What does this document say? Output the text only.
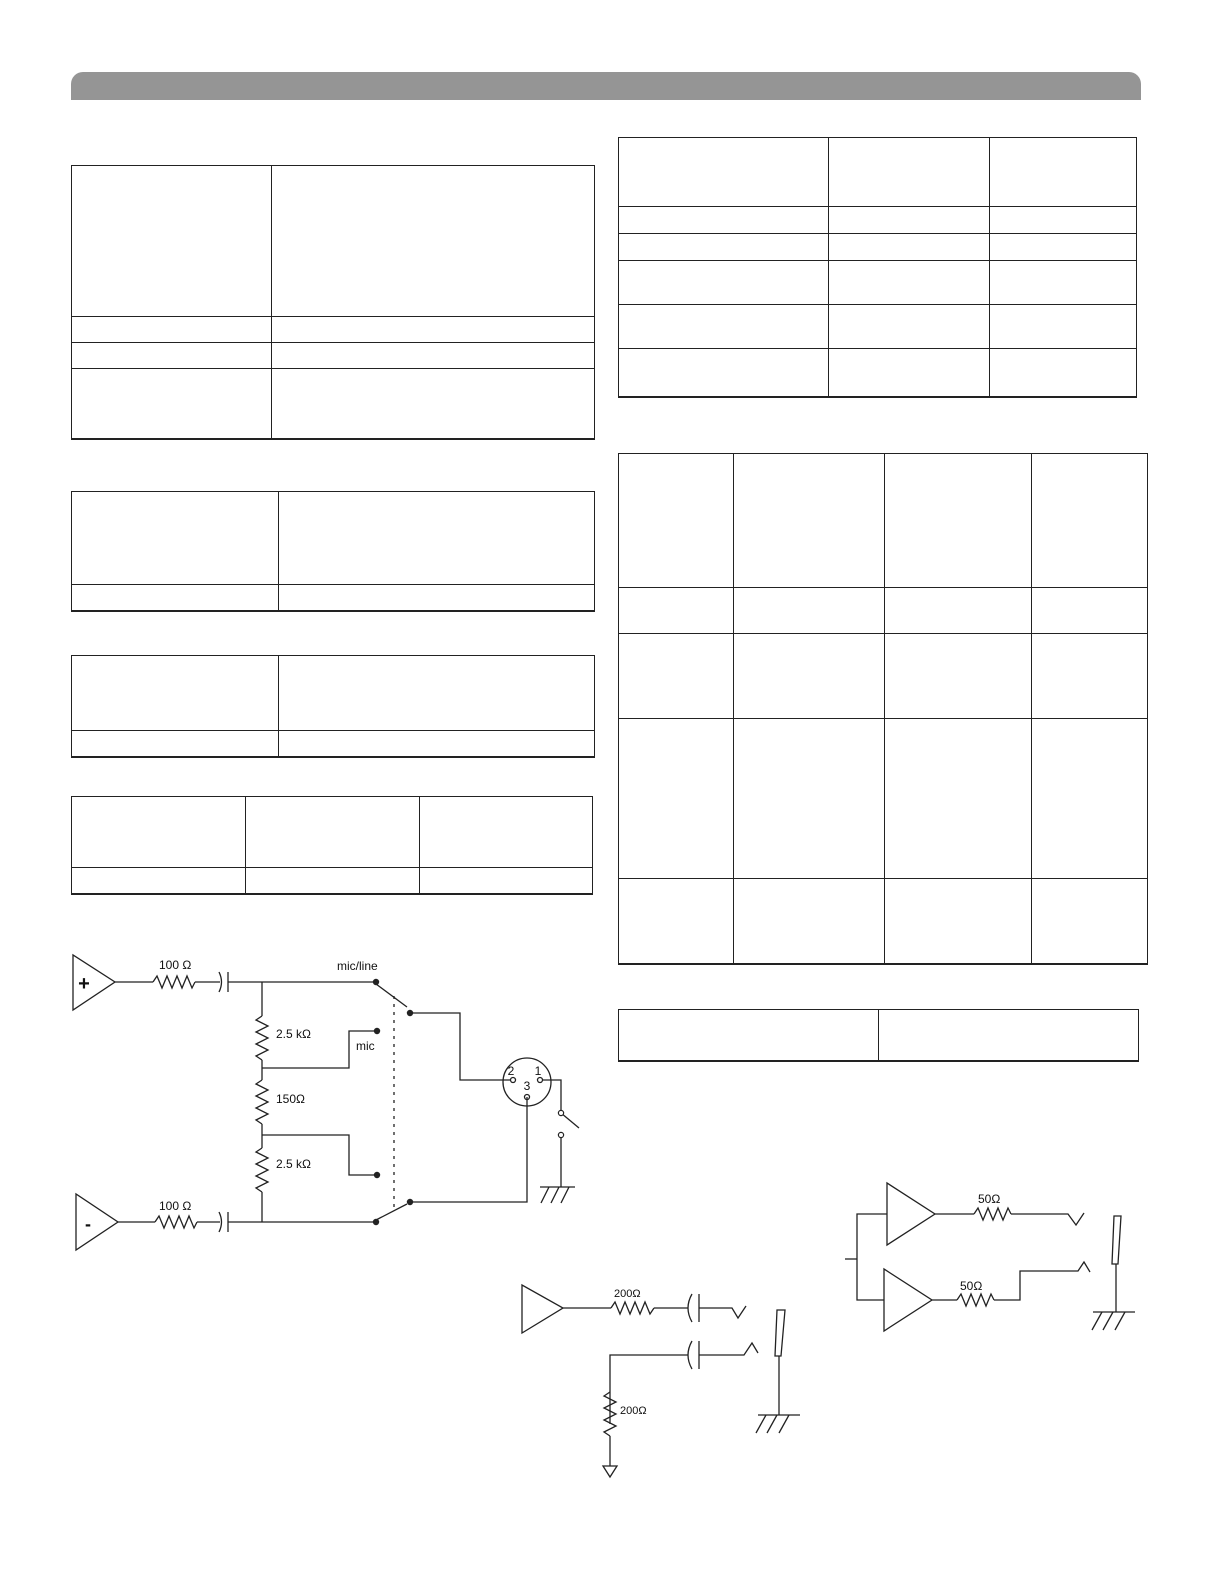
+
-
100 Ω
100 Ω
mic/line
2.5 kΩ
150Ω
2.5 kΩ
mic
2 1
3
200Ω
200Ω
50Ω
50Ω
